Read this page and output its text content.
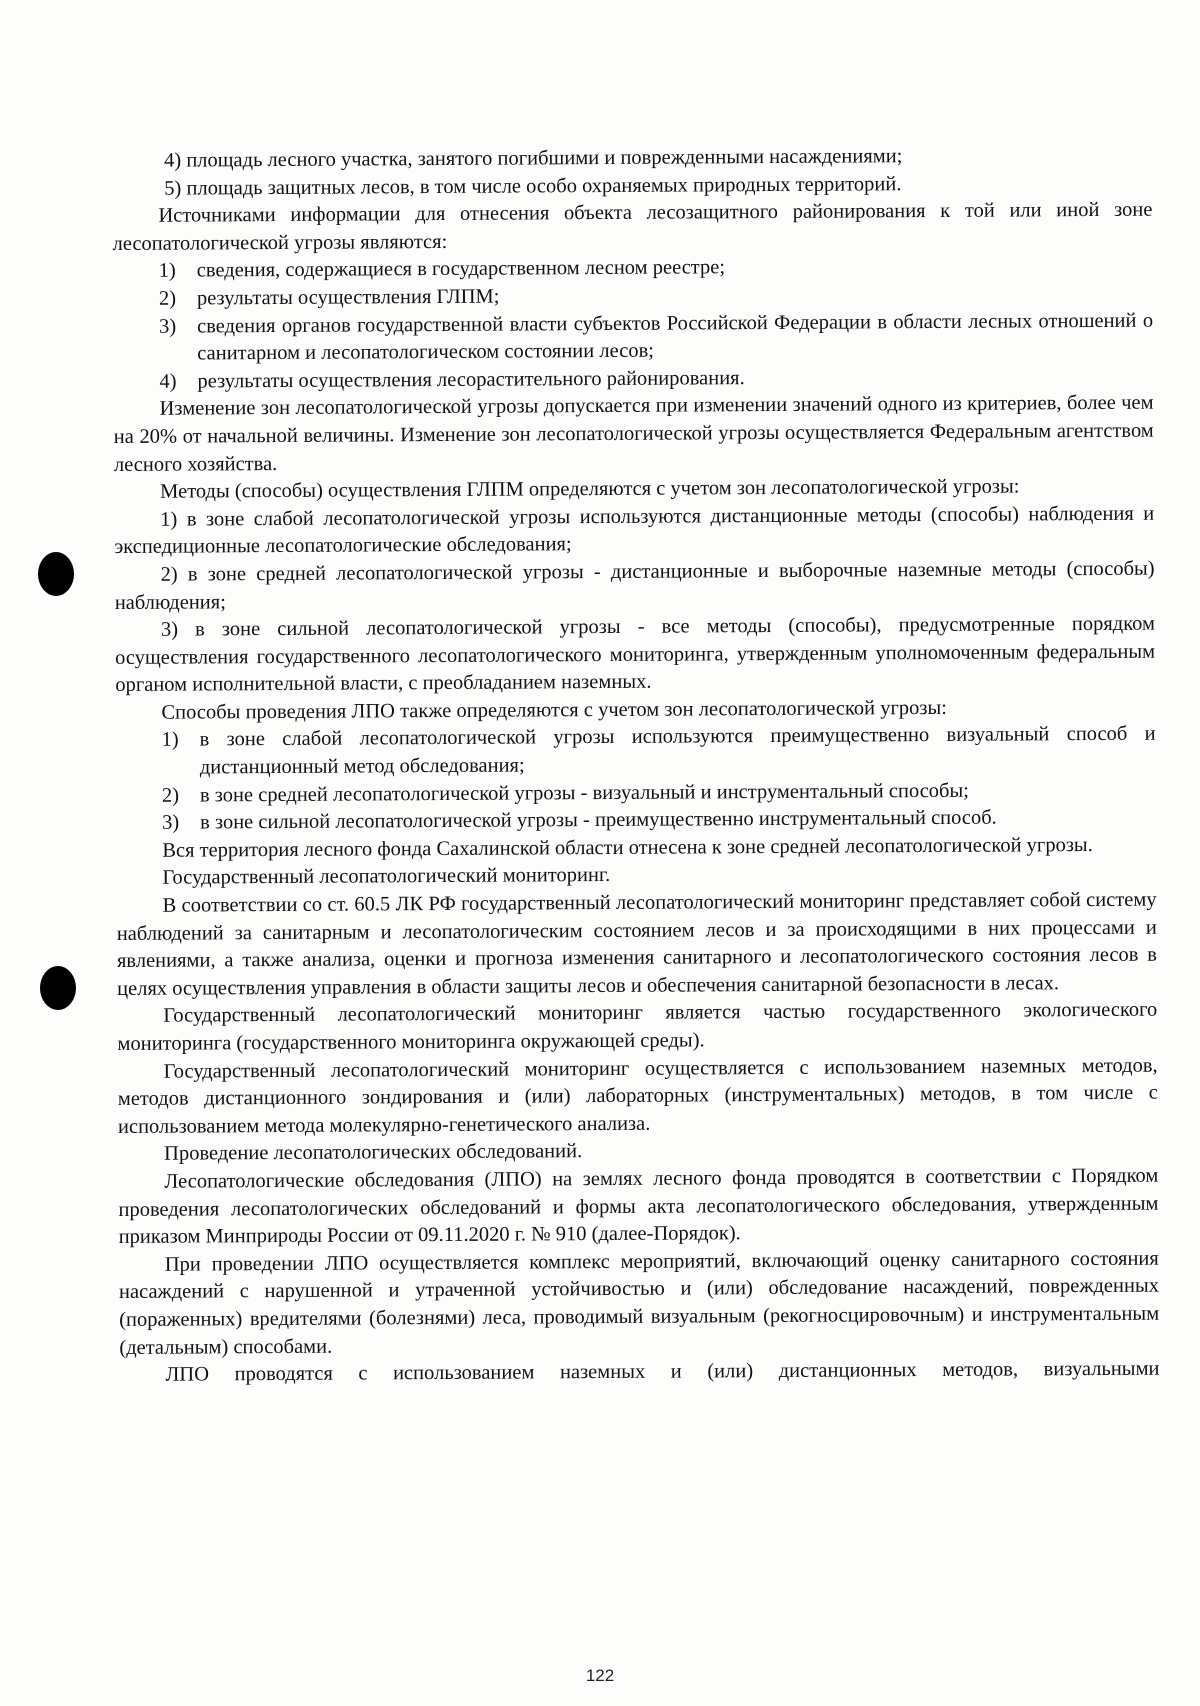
4) площадь лесного участка, занятого погибшими и поврежденными насаждениями;

5) площадь защитных лесов, в том числе особо охраняемых природных территорий.

Источниками информации для отнесения объекта лесозащитного районирования к той или иной зоне лесопатологической угрозы являются:

1)	сведения, содержащиеся в государственном лесном реестре;
2)	результаты осуществления ГЛПМ;
3)	сведения органов государственной власти субъектов Российской Федерации в области лесных отношений о санитарном и лесопатологическом состоянии лесов;
4)	результаты осуществления лесорастительного районирования.

Изменение зон лесопатологической угрозы допускается при изменении значений одного из критериев, более чем на 20% от начальной величины. Изменение зон лесопатологической угрозы осуществляется Федеральным агентством лесного хозяйства.

Методы (способы) осуществления ГЛПМ определяются с учетом зон лесопатологической угрозы:

1) в зоне слабой лесопатологической угрозы используются дистанционные методы (способы) наблюдения и экспедиционные лесопатологические обследования;

2) в зоне средней лесопатологической угрозы - дистанционные и выборочные наземные методы (способы) наблюдения;

3) в зоне сильной лесопатологической угрозы - все методы (способы), предусмотренные порядком осуществления государственного лесопатологического мониторинга, утвержденным уполномоченным федеральным органом исполнительной власти, с преобладанием наземных.

Способы проведения ЛПО также определяются с учетом зон лесопатологической угрозы:

1)	в зоне слабой лесопатологической угрозы используются преимущественно визуальный способ и дистанционный метод обследования;
2)	в зоне средней лесопатологической угрозы - визуальный и инструментальный способы;
3)	в зоне сильной лесопатологической угрозы - преимущественно инструментальный способ.

Вся территория лесного фонда Сахалинской области отнесена к зоне средней лесопатологической угрозы.

Государственный лесопатологический мониторинг.

В соответствии со ст. 60.5 ЛК РФ государственный лесопатологический мониторинг представляет собой систему наблюдений за санитарным и лесопатологическим состоянием лесов и за происходящими в них процессами и явлениями, а также анализа, оценки и прогноза изменения санитарного и лесопатологического состояния лесов в целях осуществления управления в области защиты лесов и обеспечения санитарной безопасности в лесах.

Государственный лесопатологический мониторинг является частью государственного экологического мониторинга (государственного мониторинга окружающей среды).

Государственный лесопатологический мониторинг осуществляется с использованием наземных методов, методов дистанционного зондирования и (или) лабораторных (инструментальных) методов, в том числе с использованием метода молекулярно-генетического анализа.

Проведение лесопатологических обследований.

Лесопатологические обследования (ЛПО) на землях лесного фонда проводятся в соответствии с Порядком проведения лесопатологических обследований и формы акта лесопатологического обследования, утвержденным приказом Минприроды России от 09.11.2020 г. № 910 (далее-Порядок).

При проведении ЛПО осуществляется комплекс мероприятий, включающий оценку санитарного состояния насаждений с нарушенной и утраченной устойчивостью и (или) обследование насаждений, поврежденных (пораженных) вредителями (болезнями) леса, проводимый визуальным (рекогносцировочным) и инструментальным (детальным) способами.

ЛПО проводятся с использованием наземных и (или) дистанционных методов, визуальными

122
